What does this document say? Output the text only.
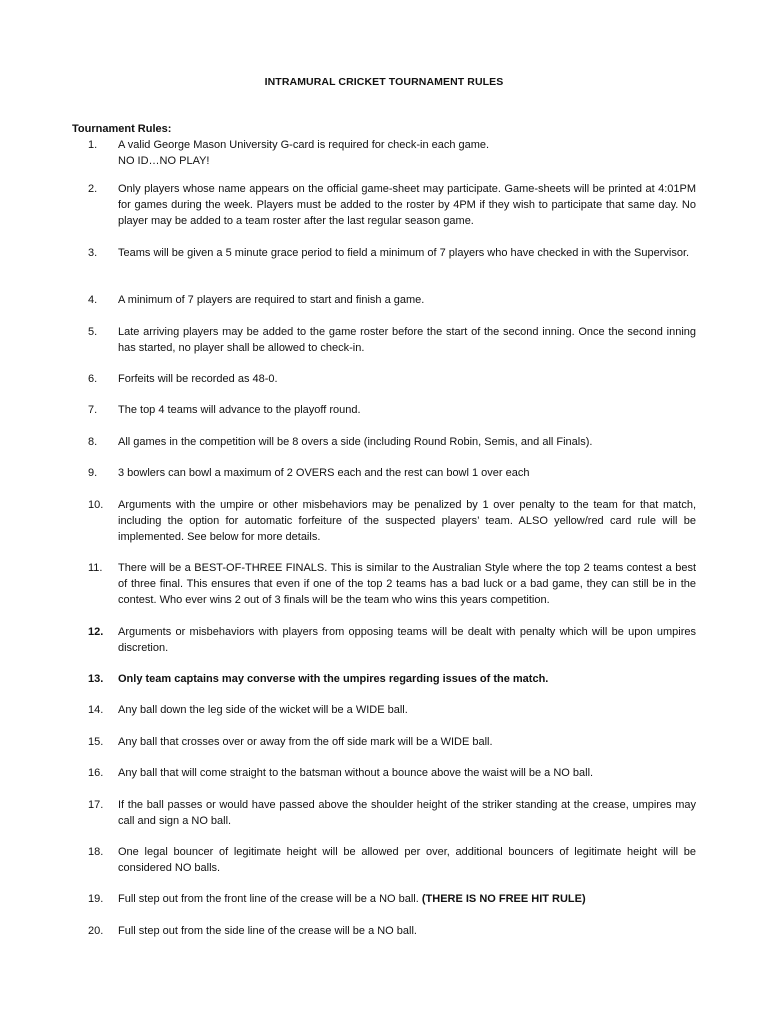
INTRAMURAL CRICKET TOURNAMENT RULES
Tournament Rules:
1.	A valid George Mason University G-card is required for check-in each game.
NO ID…NO PLAY!
2.	Only players whose name appears on the official game-sheet may participate. Game-sheets will be printed at 4:01PM for games during the week. Players must be added to the roster by 4PM if they wish to participate that same day. No player may be added to a team roster after the last regular season game.
3.	Teams will be given a 5 minute grace period to field a minimum of 7 players who have checked in with the Supervisor.
4.	A minimum of 7 players are required to start and finish a game.
5.	Late arriving players may be added to the game roster before the start of the second inning. Once the second inning has started, no player shall be allowed to check-in.
6.	Forfeits will be recorded as 48-0.
7.	The top 4 teams will advance to the playoff round.
8.	All games in the competition will be 8 overs a side (including Round Robin, Semis, and all Finals).
9.	3 bowlers can bowl a maximum of 2 OVERS each and the rest can bowl 1 over each
10.	Arguments with the umpire or other misbehaviors may be penalized by 1 over penalty to the team for that match, including the option for automatic forfeiture of the suspected players’ team. ALSO yellow/red card rule will be implemented. See below for more details.
11.	There will be a BEST-OF-THREE FINALS. This is similar to the Australian Style where the top 2 teams contest a best of three final. This ensures that even if one of the top 2 teams has a bad luck or a bad game, they can still be in the contest. Who ever wins 2 out of 3 finals will be the team who wins this years competition.
12.	Arguments or misbehaviors with players from opposing teams will be dealt with penalty which will be upon umpires discretion.
13.	Only team captains may converse with the umpires regarding issues of the match.
14.	Any ball down the leg side of the wicket will be a WIDE ball.
15.	Any ball that crosses over or away from the off side mark will be a WIDE ball.
16.	Any ball that will come straight to the batsman without a bounce above the waist will be a NO ball.
17.	If the ball passes or would have passed above the shoulder height of the striker standing at the crease, umpires may call and sign a NO ball.
18.	One legal bouncer of legitimate height will be allowed per over, additional bouncers of legitimate height will be considered NO balls.
19.	Full step out from the front line of the crease will be a NO ball. (THERE IS NO FREE HIT RULE)
20.	Full step out from the side line of the crease will be a NO ball.
